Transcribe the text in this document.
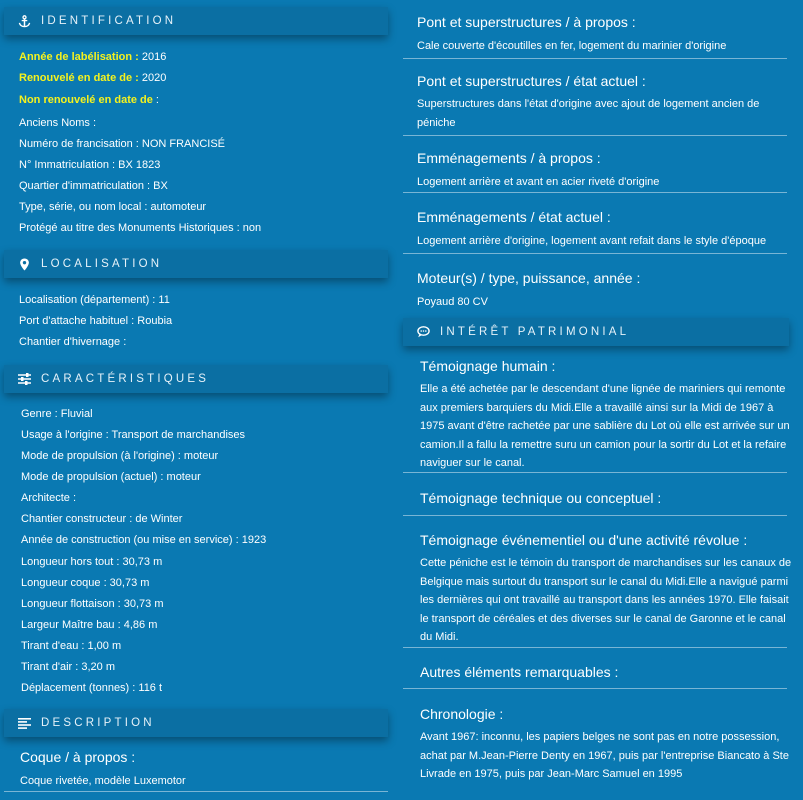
IDENTIFICATION
Année de labélisation : 2016
Renouvelé en date de : 2020
Non renouvelé en date de :
Anciens Noms :
Numéro de francisation : NON FRANCISÉ
N° Immatriculation : BX 1823
Quartier d'immatriculation : BX
Type, série, ou nom local : automoteur
Protégé au titre des Monuments Historiques : non
LOCALISATION
Localisation (département) : 11
Port d'attache habituel : Roubia
Chantier d'hivernage :
CARACTÉRISTIQUES
Genre : Fluvial
Usage à l'origine : Transport de marchandises
Mode de propulsion (à l'origine) : moteur
Mode de propulsion (actuel) : moteur
Architecte :
Chantier constructeur : de Winter
Année de construction (ou mise en service) : 1923
Longueur hors tout : 30,73 m
Longueur coque : 30,73 m
Longueur flottaison : 30,73 m
Largeur Maître bau : 4,86 m
Tirant d'eau : 1,00 m
Tirant d'air : 3,20 m
Déplacement (tonnes) : 116 t
DESCRIPTION
Coque / à propos :
Coque rivetée, modèle Luxemotor
Pont et superstructures / à propos :
Cale couverte d'écoutilles en fer, logement du marinier d'origine
Pont et superstructures / état actuel :
Superstructures dans l'état d'origine avec ajout de logement ancien de péniche
Emménagements / à propos :
Logement arrière et avant en acier riveté d'origine
Emménagements / état actuel :
Logement arrière d'origine, logement avant refait dans le style d'époque
Moteur(s) / type, puissance, année :
Poyaud 80 CV
INTÉRÊT PATRIMONIAL
Témoignage humain :
Elle a été achetée par le descendant d'une lignée de mariniers qui remonte aux premiers barquiers du Midi.Elle a travaillé ainsi sur la Midi de 1967 à 1975 avant d'être rachetée par une sablière du Lot où elle est arrivée sur un camion.Il a fallu la remettre suru un camion pour la sortir du Lot et la refaire naviguer sur le canal.
Témoignage technique ou conceptuel :
Témoignage événementiel ou d'une activité révolue :
Cette péniche est le témoin du transport de marchandises sur les canaux de Belgique mais surtout du transport sur le canal du Midi.Elle a navigué parmi les dernières qui ont travaillé au transport dans les années 1970. Elle faisait le transport de céréales et des diverses sur le canal de Garonne et le canal du Midi.
Autres éléments remarquables :
Chronologie :
Avant 1967: inconnu, les papiers belges ne sont pas en notre possession, achat par M.Jean-Pierre Denty en 1967, puis par l'entreprise Biancato à Ste Livrade en 1975, puis par Jean-Marc Samuel en 1995
